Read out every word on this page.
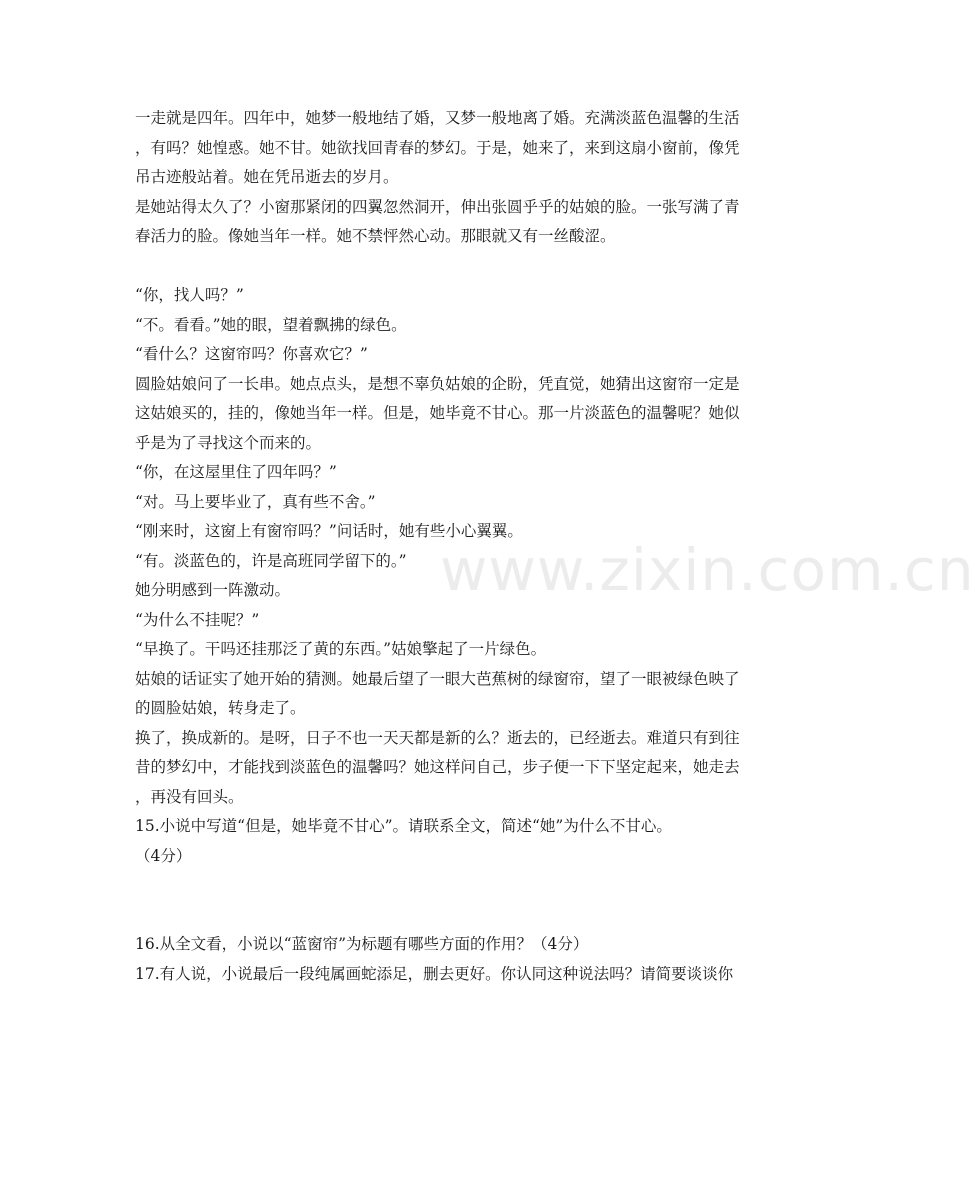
www.zixin.com.cn
一走就是四年。四年中，她梦一般地结了婚，又梦一般地离了婚。充满淡蓝色温馨的生活
，有吗？她惶惑。她不甘。她欲找回青春的梦幻。于是，她来了，来到这扇小窗前，像凭
吊古迹般站着。她在凭吊逝去的岁月。
是她站得太久了？小窗那紧闭的四翼忽然洞开，伸出张圆乎乎的姑娘的脸。一张写满了青
春活力的脸。像她当年一样。她不禁怦然心动。那眼就又有一丝酸涩。
“你，找人吗？”
“不。看看。”她的眼，望着飘拂的绿色。
“看什么？这窗帘吗？你喜欢它？”
圆脸姑娘问了一长串。她点点头，是想不辜负姑娘的企盼，凭直觉，她猜出这窗帘一定是
这姑娘买的，挂的，像她当年一样。但是，她毕竟不甘心。那一片淡蓝色的温馨呢？她似
乎是为了寻找这个而来的。
“你，在这屋里住了四年吗？”
“对。马上要毕业了，真有些不舍。”
“刚来时，这窗上有窗帘吗？”问话时，她有些小心翼翼。
“有。淡蓝色的，许是高班同学留下的。”
她分明感到一阵激动。
“为什么不挂呢？”
“早换了。干吗还挂那泛了黄的东西。”姑娘擎起了一片绿色。
姑娘的话证实了她开始的猜测。她最后望了一眼大芭蕉树的绿窗帘，望了一眼被绿色映了
的圆脸姑娘，转身走了。
换了，换成新的。是呀，日子不也一天天都是新的么？逝去的，已经逝去。难道只有到往
昔的梦幻中，才能找到淡蓝色的温馨吗？她这样问自己，步子便一下下坚定起来，她走去
，再没有回头。
15.小说中写道“但是，她毕竟不甘心”。请联系全文，简述“她”为什么不甘心。
（4分）
16.从全文看，小说以“蓝窗帘”为标题有哪些方面的作用？（4分）
17.有人说，小说最后一段纯属画蛇添足，删去更好。你认同这种说法吗？请简要谈谈你
